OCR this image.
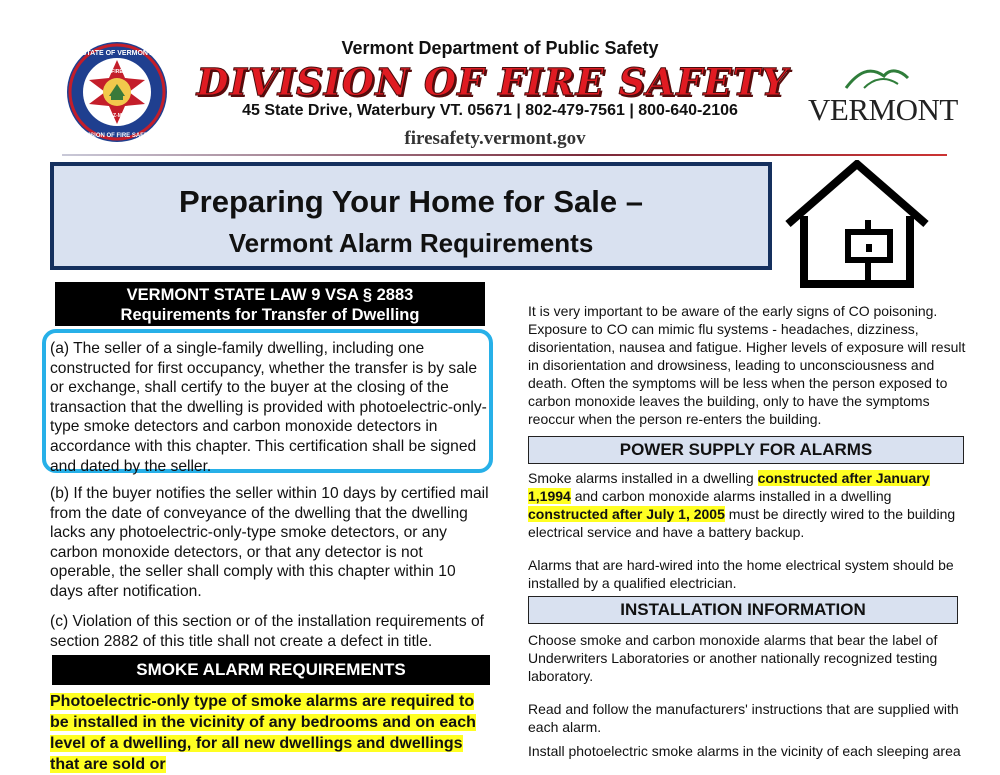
STATE OF VERMONT
DIVISION OF FIRE SAFETY
FIRE
HAZ-MAT
Vermont Department of Public Safety
DIVISION OF FIRE SAFETY
45 State Drive, Waterbury VT. 05671 | 802-479-7561 | 800-640-2106
firesafety.vermont.gov
VERMONT
Preparing Your Home for Sale –
Vermont Alarm Requirements
VERMONT STATE LAW 9 VSA § 2883
Requirements for Transfer of Dwelling
(a) The seller of a single-family dwelling, including one constructed for first occupancy, whether the transfer is by sale or exchange, shall certify to the buyer at the closing of the transaction that the dwelling is provided with photoelectric-only-type smoke detectors and carbon monoxide detectors in accordance with this chapter. This certification shall be signed and dated by the seller.
(b) If the buyer notifies the seller within 10 days by certified mail from the date of conveyance of the dwelling that the dwelling lacks any photoelectric-only-type smoke detectors, or any carbon monoxide detectors, or that any detector is not operable, the seller shall comply with this chapter within 10 days after notification.
(c) Violation of this section or of the installation requirements of section 2882 of this title shall not create a defect in title.
SMOKE ALARM REQUIREMENTS
Photoelectric-only type of smoke alarms are required to be installed in the vicinity of any bedrooms and on each level of a dwelling, for all new dwellings and dwellings that are sold or
It is very important to be aware of the early signs of CO poisoning. Exposure to CO can mimic flu systems - headaches, dizziness, disorientation, nausea and fatigue. Higher levels of exposure will result in disorientation and drowsiness, leading to unconsciousness and death. Often the symptoms will be less when the person exposed to carbon monoxide leaves the building, only to have the symptoms reoccur when the person re-enters the building.
POWER SUPPLY FOR ALARMS
Smoke alarms installed in a dwelling constructed after January 1,1994 and carbon monoxide alarms installed in a dwelling constructed after July 1, 2005 must be directly wired to the building electrical service and have a battery backup.
Alarms that are hard-wired into the home electrical system should be installed by a qualified electrician.
INSTALLATION INFORMATION
Choose smoke and carbon monoxide alarms that bear the label of Underwriters Laboratories or another nationally recognized testing laboratory.
Read and follow the manufacturers' instructions that are supplied with each alarm.
Install photoelectric smoke alarms in the vicinity of each sleeping area
